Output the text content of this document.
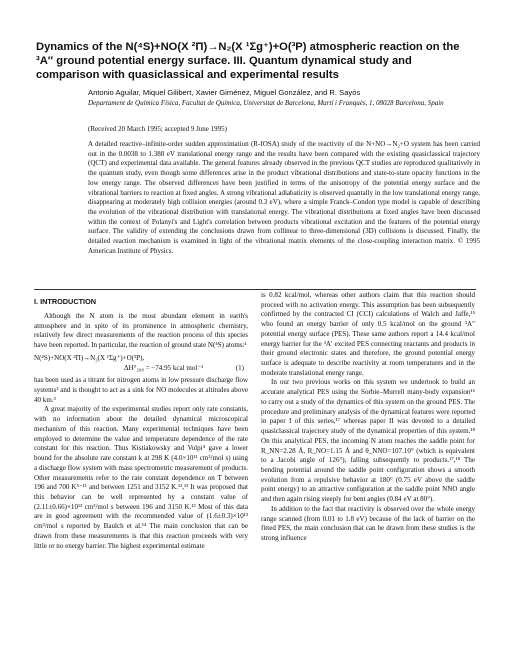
Dynamics of the N(⁴S)+NO(X ²Π)→N₂(X ¹Σg⁺)+O(³P) atmospheric reaction on the ³A″ ground potential energy surface. III. Quantum dynamical study and comparison with quasiclassical and experimental results
Antonio Aguilar, Miquel Gilibert, Xavier Giménez, Miguel González, and R. Sayós
Departament de Química Física, Facultat de Química, Universitat de Barcelona, Martí i Franquès, 1, 08028 Barcelona, Spain
(Received 20 March 1995; accepted 9 June 1995)

A detailed reactive–infinite-order sudden approximation (R-IOSA) study of the reactivity of the N+NO→N₂+O system has been carried out in the 0.0038 to 1.388 eV translational energy range and the results have been compared with the existing quasiclassical trajectory (QCT) and experimental data available. The general features already observed in the previous QCT studies are reproduced qualitatively in the quantum study, even though some differences arise in the product vibrational distributions and state-to-state opacity functions in the low energy range. The observed differences have been justified in terms of the anisotropy of the potential energy surface and the vibrational barriers to reaction at fixed angles. A strong vibrational adiabaticity is observed quantally in the low translational energy range, disappearing at moderately high collision energies (around 0.3 eV), where a simple Franck–Condon type model is capable of describing the evolution of the vibrational distribution with translational energy. The vibrational distributions at fixed angles have been discussed within the context of Polanyi's and Light's correlation between products vibrational excitation and the features of the potential energy surface. The validity of extending the conclusions drawn from collinear to three-dimensional (3D) collisions is discussed. Finally, the detailed reaction mechanism is examined in light of the vibrational matrix elements of the close-coupling interaction matrix. © 1995 American Institute of Physics.

I. INTRODUCTION

Although the N atom is the most abundant element in earth's atmosphere and in spite of its prominence in atmospheric chemistry, relatively few direct measurements of the reaction process of this species have been reported. In particular, the reaction of ground state N(⁴S) atoms:¹

N(⁴S)+NO(X ²Π)→N₂(X ¹Σg⁺)+O(³P),
ΔH°₂₉₈ = −74.95 kcal mol⁻¹	(1)

has been used as a titrant for nitrogen atoms in low pressure discharge flow systems² and is thought to act as a sink for NO molecules at altitudes above 40 km.³

A great majority of the experimental studies report only rate constants, with no information about the detailed dynamical microscopical mechanism of this reaction. Many experimental techniques have been employed to determine the value and temperature dependence of the rate constant for this reaction. Thus Kistiakowsky and Volpi⁴ gave a lower bound for the absolute rate constant k at 298 K (4.0×10¹¹ cm³/mol s) using a discharge flow system with mass spectrometric measurement of products. Other measurements refer to the rate constant dependence on T between 196 and 700 K⁵⁻¹¹ and between 1251 and 3152 K.¹²,¹³ It was proposed that this behavior can be well represented by a constant value of (2.11±0.66)×10¹³ cm³/mol s between 196 and 3150 K.¹³ Most of this data are in good agreement with the recommended value of (1.6±0.3)×10¹³ cm³/mol s reported by Baulch et al.¹⁴ The main conclusion that can be drawn from these measurements is that this reaction proceeds with very little or no energy barrier. The highest experimental estimate

is 0.82 kcal/mol, whereas other authors claim that this reaction should proceed with no activation energy. This assumption has been subsequently confirmed by the contracted CI (CCI) calculations of Walch and Jaffe,¹⁵ who found an energy barrier of only 0.5 kcal/mol on the ground ³A″ potential energy surface (PES). These same authors report a 14.4 kcal/mol energy barrier for the ³A′ excited PES connecting reactants and products in their ground electronic states and therefore, the ground potential energy surface is adequate to describe reactivity at room temperatures and in the moderate translational energy range.

In our two previous works on this system we undertook to build an accurate analytical PES using the Sorbie–Murrell many-body expansion¹⁶ to carry out a study of the dynamics of this system on the ground PES. The procedure and preliminary analysis of the dynamical features were reported in paper I of this series,¹⁷ whereas paper II was devoted to a detailed quasiclassical trajectory study of the dynamical properties of this system.¹⁸ On this analytical PES, the incoming N atom reaches the saddle point for R_NN=2.28 Å, R_NO=1.15 Å and θ_NNO=107.10° (which is equivalent to a Jacobi angle of 126°), falling subsequently to products.¹⁷,¹⁸ The bending potential around the saddle point configuration shows a smooth evolution from a repulsive behavior at 180° (0.75 eV above the saddle point energy) to an attractive configuration at the saddle point NNO angle and then again rising steeply for bent angles (0.84 eV at 80°).

In addition to the fact that reactivity is observed over the whole energy range scanned (from 0.01 to 1.8 eV) because of the lack of barrier on the fitted PES, the main conclusion that can be drawn from these studies is the strong influence
